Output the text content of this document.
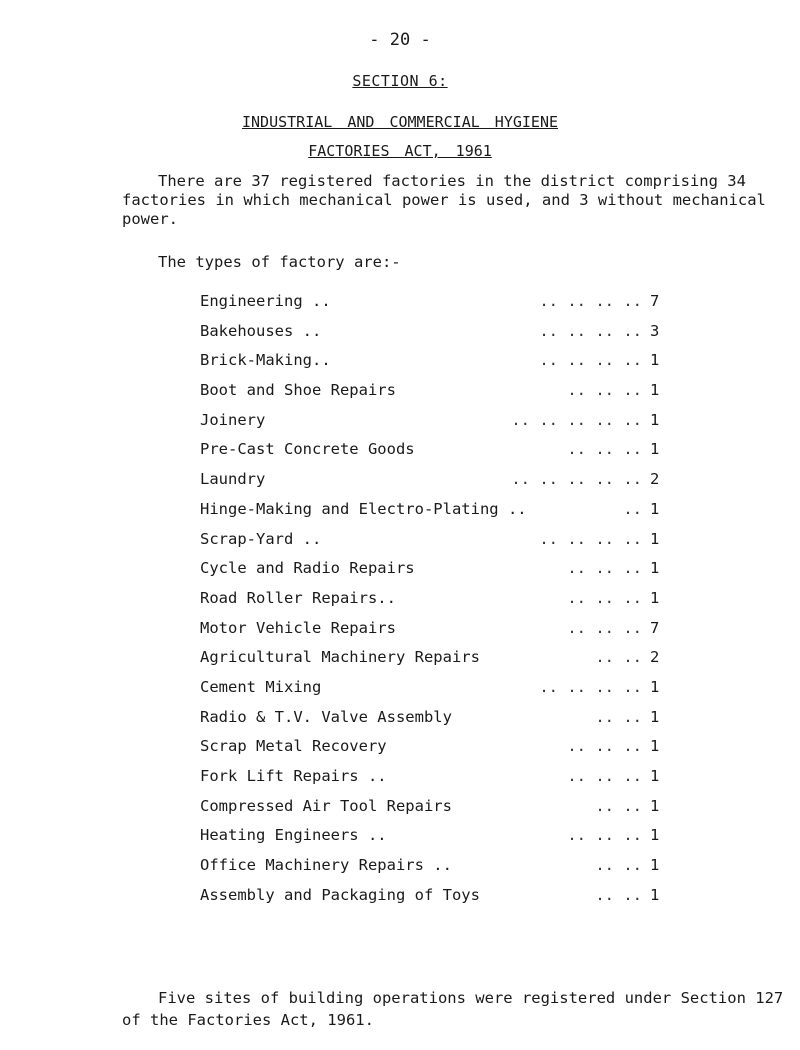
- 20 -
SECTION 6:
INDUSTRIAL AND COMMERCIAL HYGIENE
FACTORIES ACT, 1961

There are 37 registered factories in the district comprising 34 factories in which mechanical power is used, and 3 without mechanical power.

The types of factory are:-

Engineering ..	.. .. .. .. 7
Bakehouses ..	.. .. .. .. 3
Brick-Making..	.. .. .. .. 1
Boot and Shoe Repairs	.. .. .. 1
Joinery	.. .. .. .. .. 1
Pre-Cast Concrete Goods	.. .. .. 1
Laundry	.. .. .. .. .. 2
Hinge-Making and Electro-Plating ..	.. 1
Scrap-Yard ..	.. .. .. .. 1
Cycle and Radio Repairs	.. .. .. 1
Road Roller Repairs..	.. .. .. 1
Motor Vehicle Repairs	.. .. .. 7
Agricultural Machinery Repairs	.. .. 2
Cement Mixing	.. .. .. .. 1
Radio & T.V. Valve Assembly	.. .. 1
Scrap Metal Recovery	.. .. .. 1
Fork Lift Repairs ..	.. .. .. 1
Compressed Air Tool Repairs	.. .. 1
Heating Engineers ..	.. .. .. 1
Office Machinery Repairs ..	.. .. 1
Assembly and Packaging of Toys	.. .. 1

Five sites of building operations were registered under Section 127 of the Factories Act, 1961.
